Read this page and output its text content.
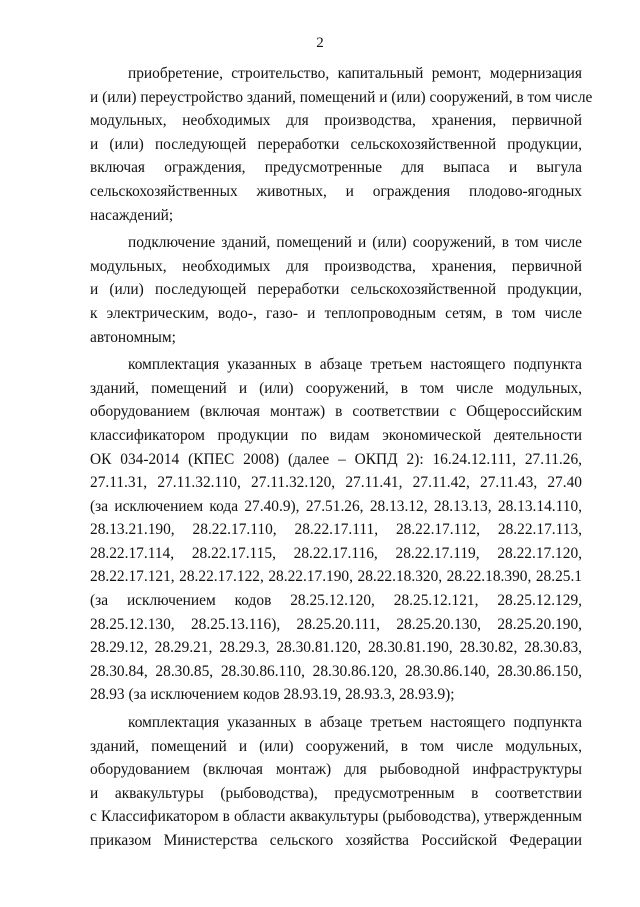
2
приобретение, строительство, капитальный ремонт, модернизация
и (или) переустройство зданий, помещений и (или) сооружений, в том числе
модульных, необходимых для производства, хранения, первичной
и (или) последующей переработки сельскохозяйственной продукции,
включая ограждения, предусмотренные для выпаса и выгула
сельскохозяйственных животных, и ограждения плодово-ягодных
насаждений;
подключение зданий, помещений и (или) сооружений, в том числе
модульных, необходимых для производства, хранения, первичной
и (или) последующей переработки сельскохозяйственной продукции,
к электрическим, водо-, газо- и теплопроводным сетям, в том числе
автономным;
комплектация указанных в абзаце третьем настоящего подпункта
зданий, помещений и (или) сооружений, в том числе модульных,
оборудованием (включая монтаж) в соответствии с Общероссийским
классификатором продукции по видам экономической деятельности
ОК 034-2014 (КПЕС 2008) (далее – ОКПД 2): 16.24.12.111, 27.11.26,
27.11.31, 27.11.32.110, 27.11.32.120, 27.11.41, 27.11.42, 27.11.43, 27.40
(за исключением кода 27.40.9), 27.51.26, 28.13.12, 28.13.13, 28.13.14.110,
28.13.21.190, 28.22.17.110, 28.22.17.111, 28.22.17.112, 28.22.17.113,
28.22.17.114, 28.22.17.115, 28.22.17.116, 28.22.17.119, 28.22.17.120,
28.22.17.121, 28.22.17.122, 28.22.17.190, 28.22.18.320, 28.22.18.390, 28.25.1
(за исключением кодов 28.25.12.120, 28.25.12.121, 28.25.12.129,
28.25.12.130, 28.25.13.116), 28.25.20.111, 28.25.20.130, 28.25.20.190,
28.29.12, 28.29.21, 28.29.3, 28.30.81.120, 28.30.81.190, 28.30.82, 28.30.83,
28.30.84, 28.30.85, 28.30.86.110, 28.30.86.120, 28.30.86.140, 28.30.86.150,
28.93 (за исключением кодов 28.93.19, 28.93.3, 28.93.9);
комплектация указанных в абзаце третьем настоящего подпункта
зданий, помещений и (или) сооружений, в том числе модульных,
оборудованием (включая монтаж) для рыбоводной инфраструктуры
и аквакультуры (рыбоводства), предусмотренным в соответствии
с Классификатором в области аквакультуры (рыбоводства), утвержденным
приказом Министерства сельского хозяйства Российской Федерации
